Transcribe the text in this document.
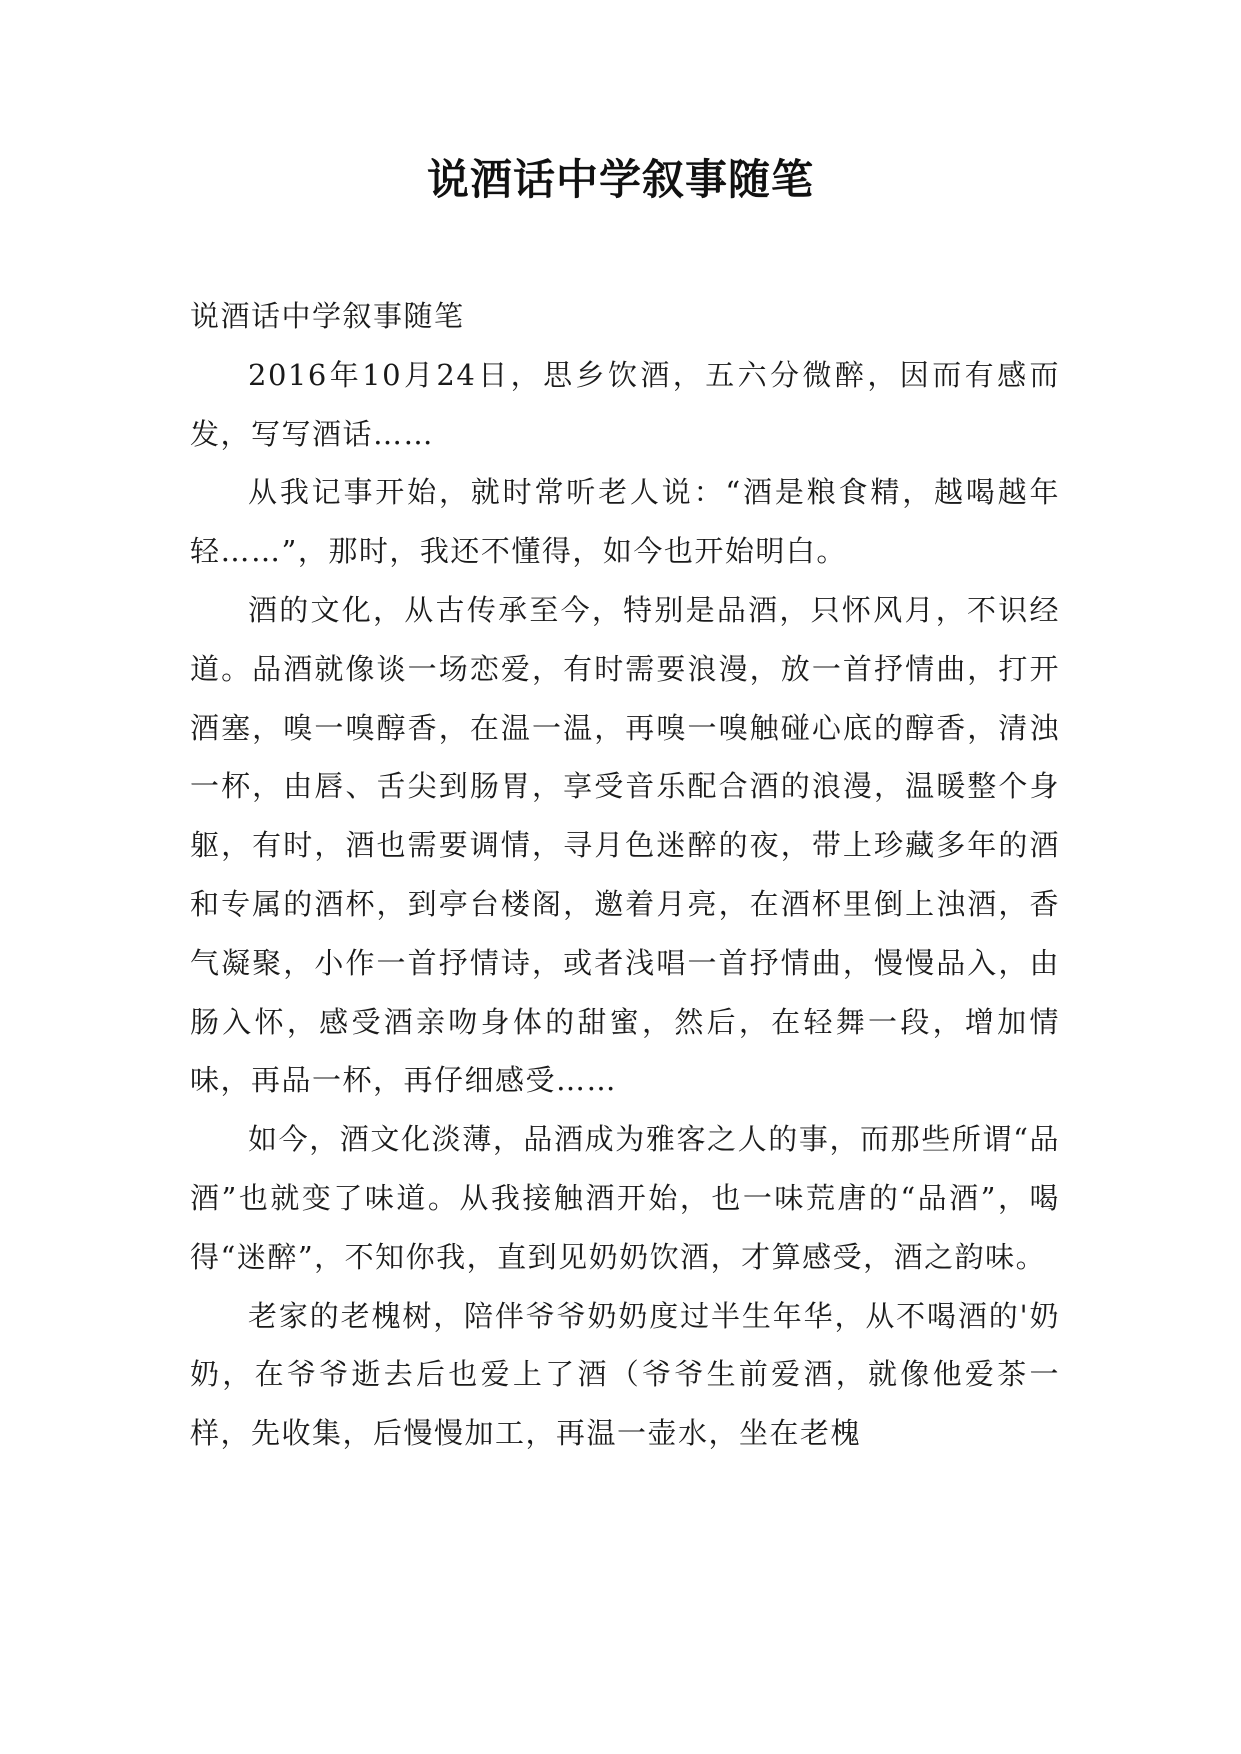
说酒话中学叙事随笔

说酒话中学叙事随笔

2016年10月24日，思乡饮酒，五六分微醉，因而有感而发，写写酒话……

从我记事开始，就时常听老人说：“酒是粮食精，越喝越年轻……”，那时，我还不懂得，如今也开始明白。

酒的文化，从古传承至今，特别是品酒，只怀风月，不识经道。品酒就像谈一场恋爱，有时需要浪漫，放一首抒情曲，打开酒塞，嗅一嗅醇香，在温一温，再嗅一嗅触碰心底的醇香，清浊一杯，由唇、舌尖到肠胃，享受音乐配合酒的浪漫，温暖整个身躯，有时，酒也需要调情，寻月色迷醉的夜，带上珍藏多年的酒和专属的酒杯，到亭台楼阁，邀着月亮，在酒杯里倒上浊酒，香气凝聚，小作一首抒情诗，或者浅唱一首抒情曲，慢慢品入，由肠入怀，感受酒亲吻身体的甜蜜，然后，在轻舞一段，增加情味，再品一杯，再仔细感受……

如今，酒文化淡薄，品酒成为雅客之人的事，而那些所谓“品酒”也就变了味道。从我接触酒开始，也一味荒唐的“品酒”，喝得“迷醉”，不知你我，直到见奶奶饮酒，才算感受，酒之韵味。

老家的老槐树，陪伴爷爷奶奶度过半生年华，从不喝酒的'奶奶，在爷爷逝去后也爱上了酒（爷爷生前爱酒，就像他爱茶一样，先收集，后慢慢加工，再温一壶水，坐在老槐
